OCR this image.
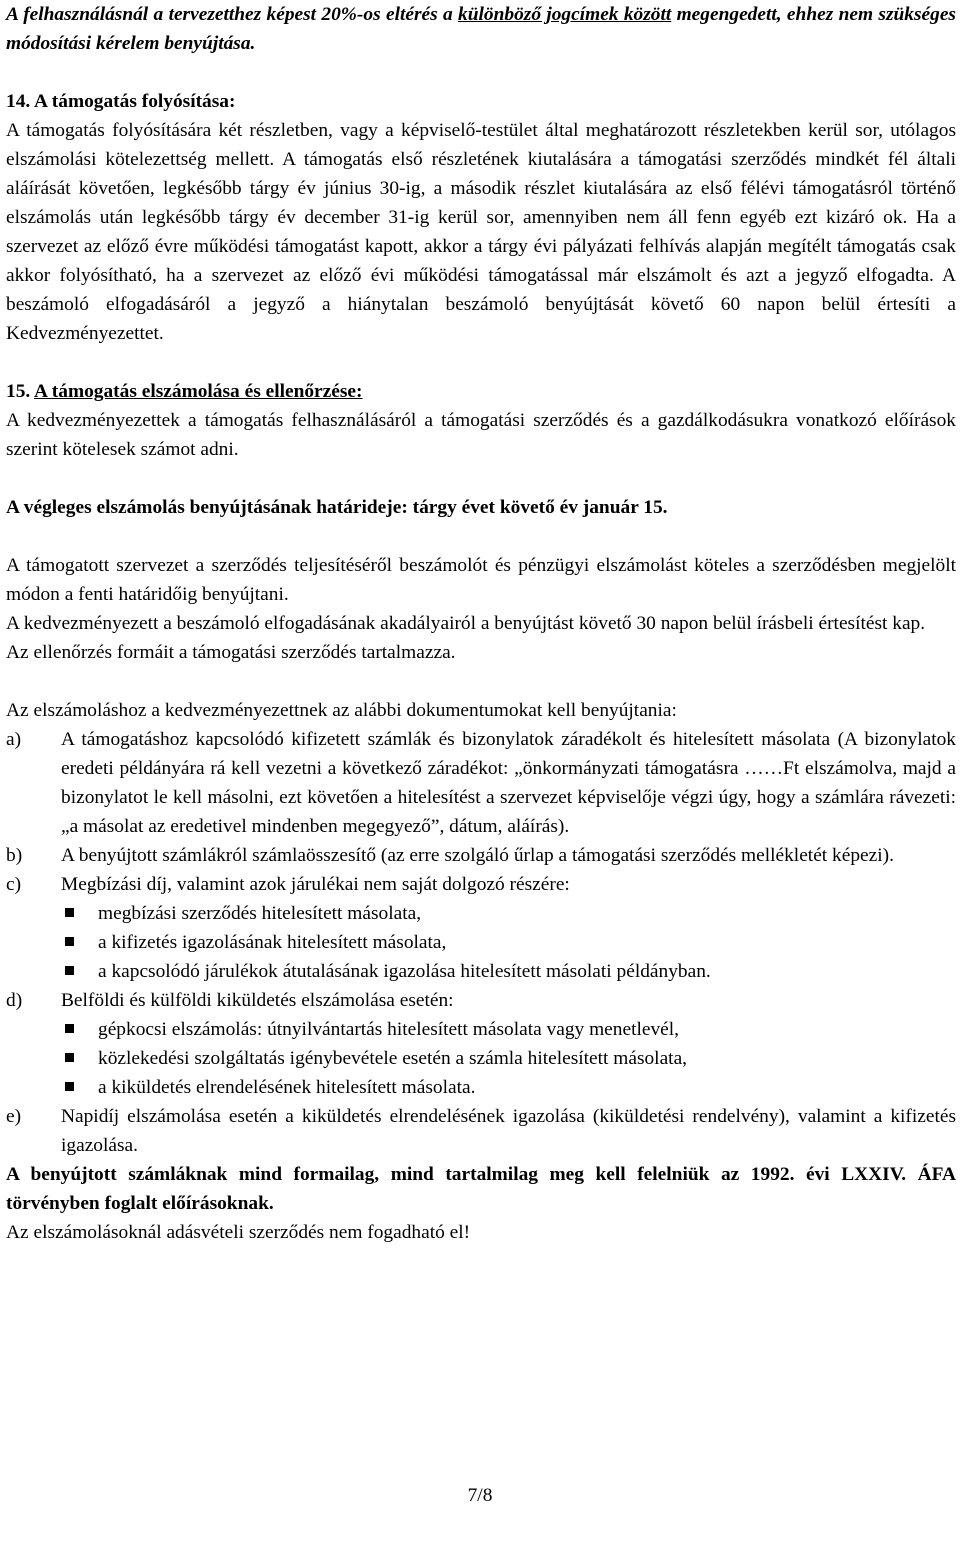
A felhasználásnál a tervezetthez képest 20%-os eltérés a különböző jogcímek között megengedett, ehhez nem szükséges módosítási kérelem benyújtása.

14. A támogatás folyósítása:

A támogatás folyósítására két részletben, vagy a képviselő-testület által meghatározott részletekben kerül sor, utólagos elszámolási kötelezettség mellett. A támogatás első részletének kiutalására a támogatási szerződés mindkét fél általi aláírását követően, legkésőbb tárgy év június 30-ig, a második részlet kiutalására az első félévi támogatásról történő elszámolás után legkésőbb tárgy év december 31-ig kerül sor, amennyiben nem áll fenn egyéb ezt kizáró ok. Ha a szervezet az előző évre működési támogatást kapott, akkor a tárgy évi pályázati felhívás alapján megítélt támogatás csak akkor folyósítható, ha a szervezet az előző évi működési támogatással már elszámolt és azt a jegyző elfogadta. A beszámoló elfogadásáról a jegyző a hiánytalan beszámoló benyújtását követő 60 napon belül értesíti a Kedvezményezettet.

15. A támogatás elszámolása és ellenőrzése:

A kedvezményezettek a támogatás felhasználásáról a támogatási szerződés és a gazdálkodásukra vonatkozó előírások szerint kötelesek számot adni.

A végleges elszámolás benyújtásának határideje: tárgy évet követő év január 15.

A támogatott szervezet a szerződés teljesítéséről beszámolót és pénzügyi elszámolást köteles a szerződésben megjelölt módon a fenti határidőig benyújtani.

A kedvezményezett a beszámoló elfogadásának akadályairól a benyújtást követő 30 napon belül írásbeli értesítést kap.

Az ellenőrzés formáit a támogatási szerződés tartalmazza.

Az elszámoláshoz a kedvezményezettnek az alábbi dokumentumokat kell benyújtania:

a)	A támogatáshoz kapcsolódó kifizetett számlák és bizonylatok záradékolt és hitelesített másolata (A bizonylatok eredeti példányára rá kell vezetni a következő záradékot: „önkormányzati támogatásra ……Ft elszámolva, majd a bizonylatot le kell másolni, ezt követően a hitelesítést a szervezet képviselője végzi úgy, hogy a számlára rávezeti: „a másolat az eredetivel mindenben megegyező”, dátum, aláírás).
b)	A benyújtott számlákról számlaösszesítő (az erre szolgáló űrlap a támogatási szerződés mellékletét képezi).
c)	Megbízási díj, valamint azok járulékai nem saját dolgozó részére:
megbízási szerződés hitelesített másolata,
a kifizetés igazolásának hitelesített másolata,
a kapcsolódó járulékok átutalásának igazolása hitelesített másolati példányban.
d)	Belföldi és külföldi kiküldetés elszámolása esetén:
gépkocsi elszámolás: útnyilvántartás hitelesített másolata vagy menetlevél,
közlekedési szolgáltatás igénybevétele esetén a számla hitelesített másolata,
a kiküldetés elrendelésének hitelesített másolata.
e)	Napidíj elszámolása esetén a kiküldetés elrendelésének igazolása (kiküldetési rendelvény), valamint a kifizetés igazolása.

A benyújtott számláknak mind formailag, mind tartalmilag meg kell felelniük az 1992. évi LXXIV. ÁFA törvényben foglalt előírásoknak.

Az elszámolásoknál adásvételi szerződés nem fogadható el!

7/8
